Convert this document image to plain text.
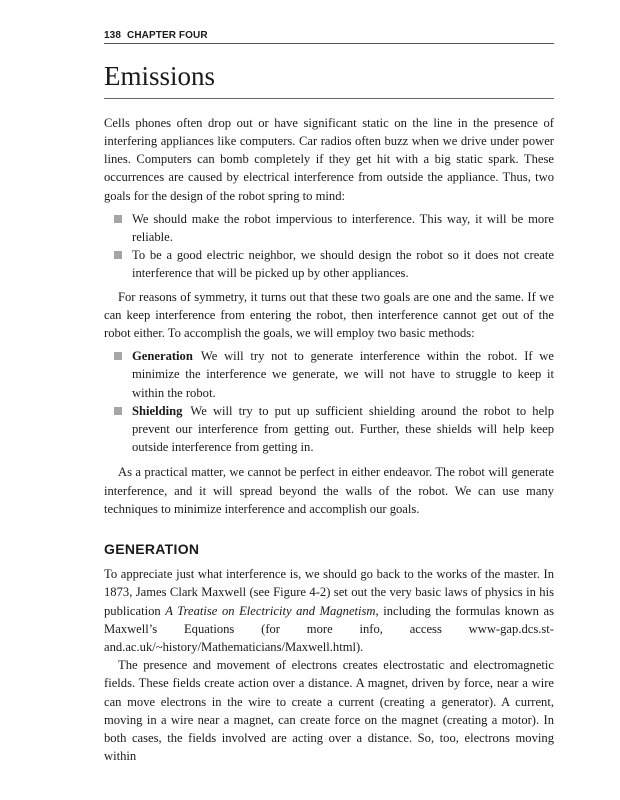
138 CHAPTER FOUR
Emissions

Cells phones often drop out or have significant static on the line in the presence of interfering appliances like computers. Car radios often buzz when we drive under power lines. Computers can bomb completely if they get hit with a big static spark. These occurrences are caused by electrical interference from outside the appliance. Thus, two goals for the design of the robot spring to mind:

We should make the robot impervious to interference. This way, it will be more reliable.
To be a good electric neighbor, we should design the robot so it does not create interference that will be picked up by other appliances.

For reasons of symmetry, it turns out that these two goals are one and the same. If we can keep interference from entering the robot, then interference cannot get out of the robot either. To accomplish the goals, we will employ two basic methods:

Generation We will try not to generate interference within the robot. If we minimize the interference we generate, we will not have to struggle to keep it within the robot.
Shielding We will try to put up sufficient shielding around the robot to help prevent our interference from getting out. Further, these shields will help keep outside interference from getting in.

As a practical matter, we cannot be perfect in either endeavor. The robot will generate interference, and it will spread beyond the walls of the robot. We can use many techniques to minimize interference and accomplish our goals.

GENERATION

To appreciate just what interference is, we should go back to the works of the master. In 1873, James Clark Maxwell (see Figure 4-2) set out the very basic laws of physics in his publication A Treatise on Electricity and Magnetism, including the formulas known as Maxwell’s Equations (for more info, access www-gap.dcs.st-and.ac.uk/~history/Mathematicians/Maxwell.html).

The presence and movement of electrons creates electrostatic and electromagnetic fields. These fields create action over a distance. A magnet, driven by force, near a wire can move electrons in the wire to create a current (creating a generator). A current, moving in a wire near a magnet, can create force on the magnet (creating a motor). In both cases, the fields involved are acting over a distance. So, too, electrons moving within
